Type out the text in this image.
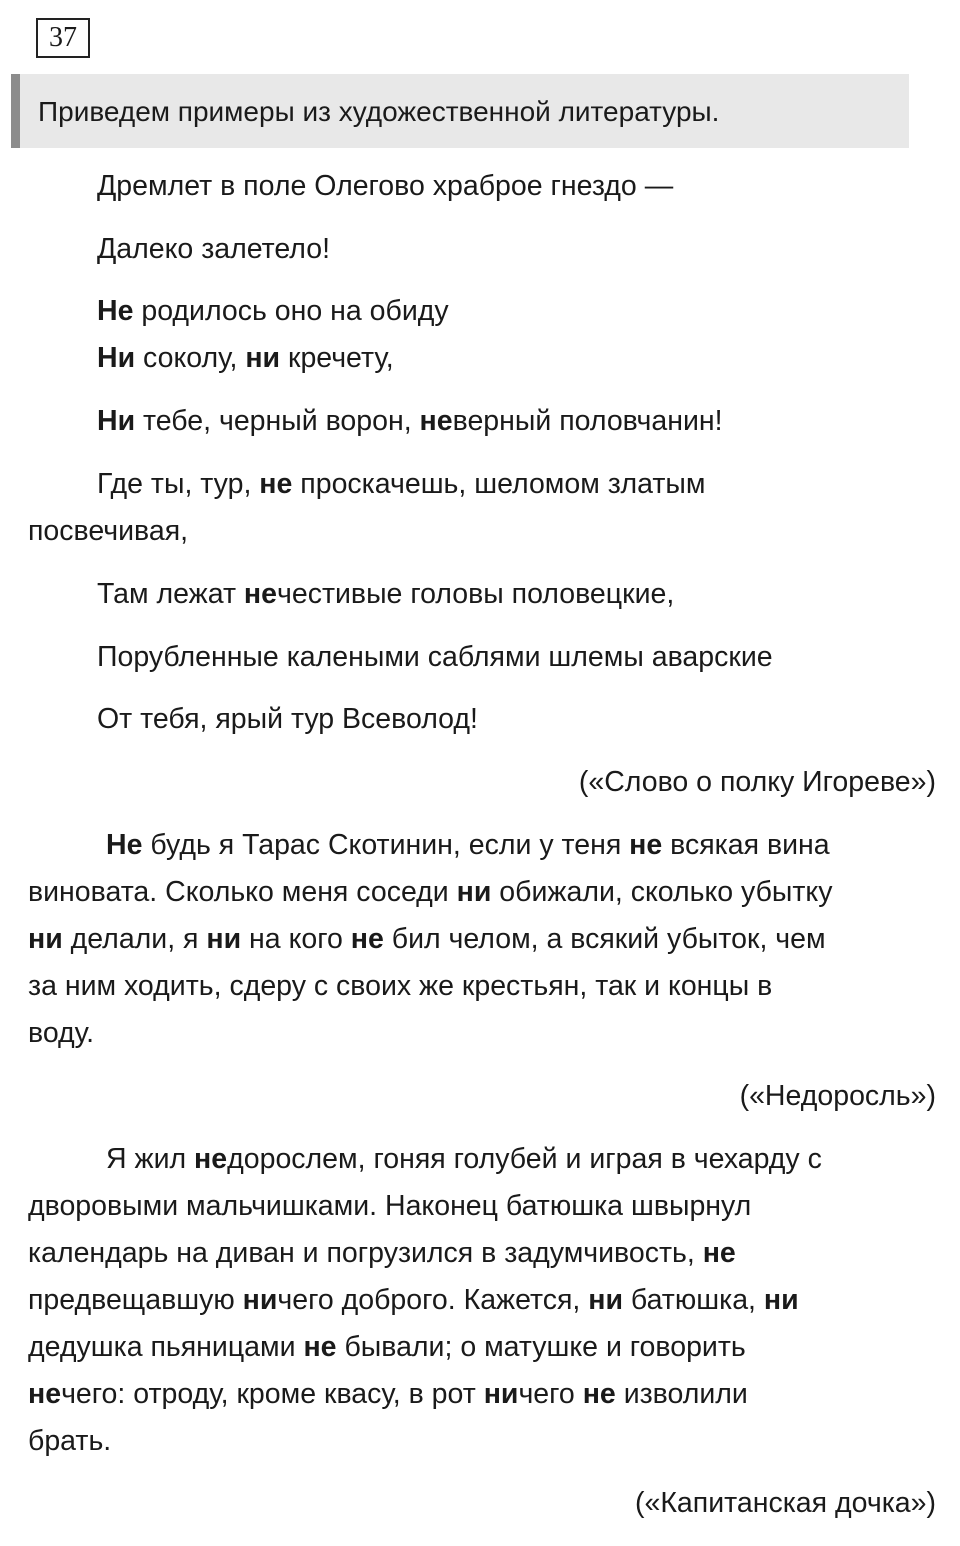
37
Приведем примеры из художественной литературы.
Дремлет в поле Олегово храброе гнездо —
Далеко залетело!
Не родилось оно на обиду
Ни соколу, ни кречету,
Ни тебе, черный ворон, неверный половчанин!
Где ты, тур, не проскачешь, шеломом златым
посвечивая,
Там лежат нечестивые головы половецкие,
Порубленные калеными саблями шлемы аварские
От тебя, ярый тур Всеволод!
(«Слово о полку Игореве»)
Не будь я Тарас Скотинин, если у теня не всякая вина
виновата. Сколько меня соседи ни обижали, сколько убытку
ни делали, я ни на кого не бил челом, а всякий убыток, чем
за ним ходить, сдеру с своих же крестьян, так и концы в
воду.
(«Недоросль»)
Я жил недорослем, гоняя голубей и играя в чехарду с
дворовыми мальчишками. Наконец батюшка швырнул
календарь на диван и погрузился в задумчивость, не
предвещавшую ничего доброго. Кажется, ни батюшка, ни
дедушка пьяницами не бывали; о матушке и говорить
нечего: отроду, кроме квасу, в рот ничего не изволили
брать.
(«Капитанская дочка»)
